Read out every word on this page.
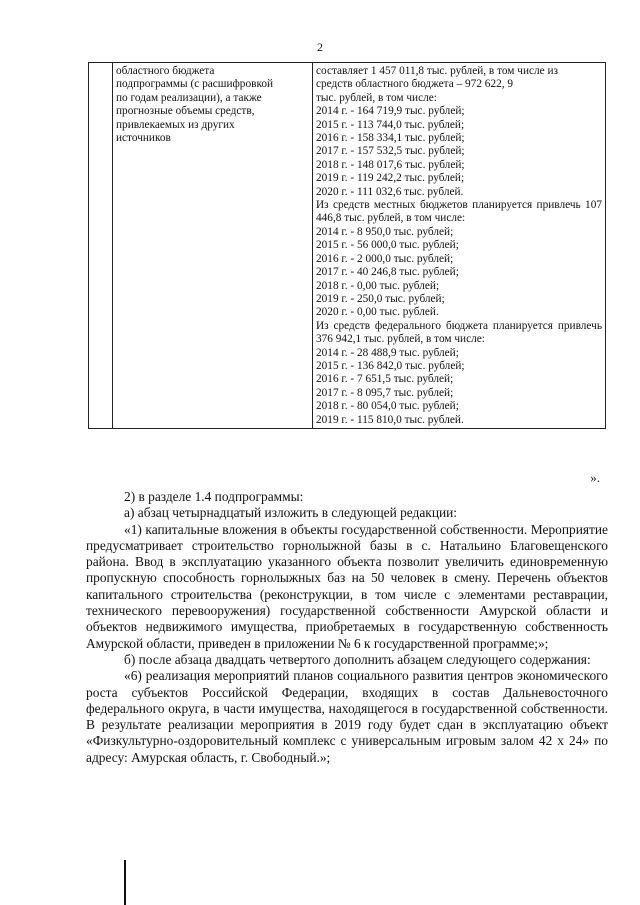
2

областного бюджета
подпрограммы (с расшифровкой
по годам реализации), а также
прогнозные объемы средств,
привлекаемых из других
источников

составляет 1 457 011,8 тыс. рублей, в том числе из
средств областного бюджета – 972 622, 9
тыс. рублей, в том числе:
2014 г. - 164 719,9 тыс. рублей;
2015 г. - 113 744,0 тыс. рублей;
2016 г. - 158 334,1 тыс. рублей;
2017 г. - 157 532,5 тыс. рублей;
2018 г. - 148 017,6 тыс. рублей;
2019 г. - 119 242,2 тыс. рублей;
2020 г. - 111 032,6 тыс. рублей.
Из средств местных бюджетов планируется привлечь 107 446,8 тыс. рублей, в том числе:
2014 г. - 8 950,0 тыс. рублей;
2015 г. - 56 000,0 тыс. рублей;
2016 г. - 2 000,0 тыс. рублей;
2017 г. - 40 246,8 тыс. рублей;
2018 г. - 0,00 тыс. рублей;
2019 г. - 250,0 тыс. рублей;
2020 г. - 0,00 тыс. рублей.
Из средств федерального бюджета планируется привлечь 376 942,1 тыс. рублей, в том числе:
2014 г. - 28 488,9 тыс. рублей;
2015 г. - 136 842,0 тыс. рублей;
2016 г. - 7 651,5 тыс. рублей;
2017 г. - 8 095,7 тыс. рублей;
2018 г. - 80 054,0 тыс. рублей;
2019 г. - 115 810,0 тыс. рублей.
».

2) в разделе 1.4 подпрограммы:

а) абзац четырнадцатый изложить в следующей редакции:

«1) капитальные вложения в объекты государственной собственности. Мероприятие предусматривает строительство горнолыжной базы в с. Натальино Благовещенского района. Ввод в эксплуатацию указанного объекта позволит увеличить единовременную пропускную способность горнолыжных баз на 50 человек в смену. Перечень объектов капитального строительства (реконструкции, в том числе с элементами реставрации, технического перевооружения) государственной собственности Амурской области и объектов недвижимого имущества, приобретаемых в государственную собственность Амурской области, приведен в приложении № 6 к государственной программе;»;

б) после абзаца двадцать четвертого дополнить абзацем следующего содержания:

«6) реализация мероприятий планов социального развития центров экономического роста субъектов Российской Федерации, входящих в состав Дальневосточного федерального округа, в части имущества, находящегося в государственной собственности. В результате реализации мероприятия в 2019 году будет сдан в эксплуатацию объект «Физкультурно-оздоровительный комплекс с универсальным игровым залом 42 х 24» по адресу: Амурская область, г. Свободный.»;
